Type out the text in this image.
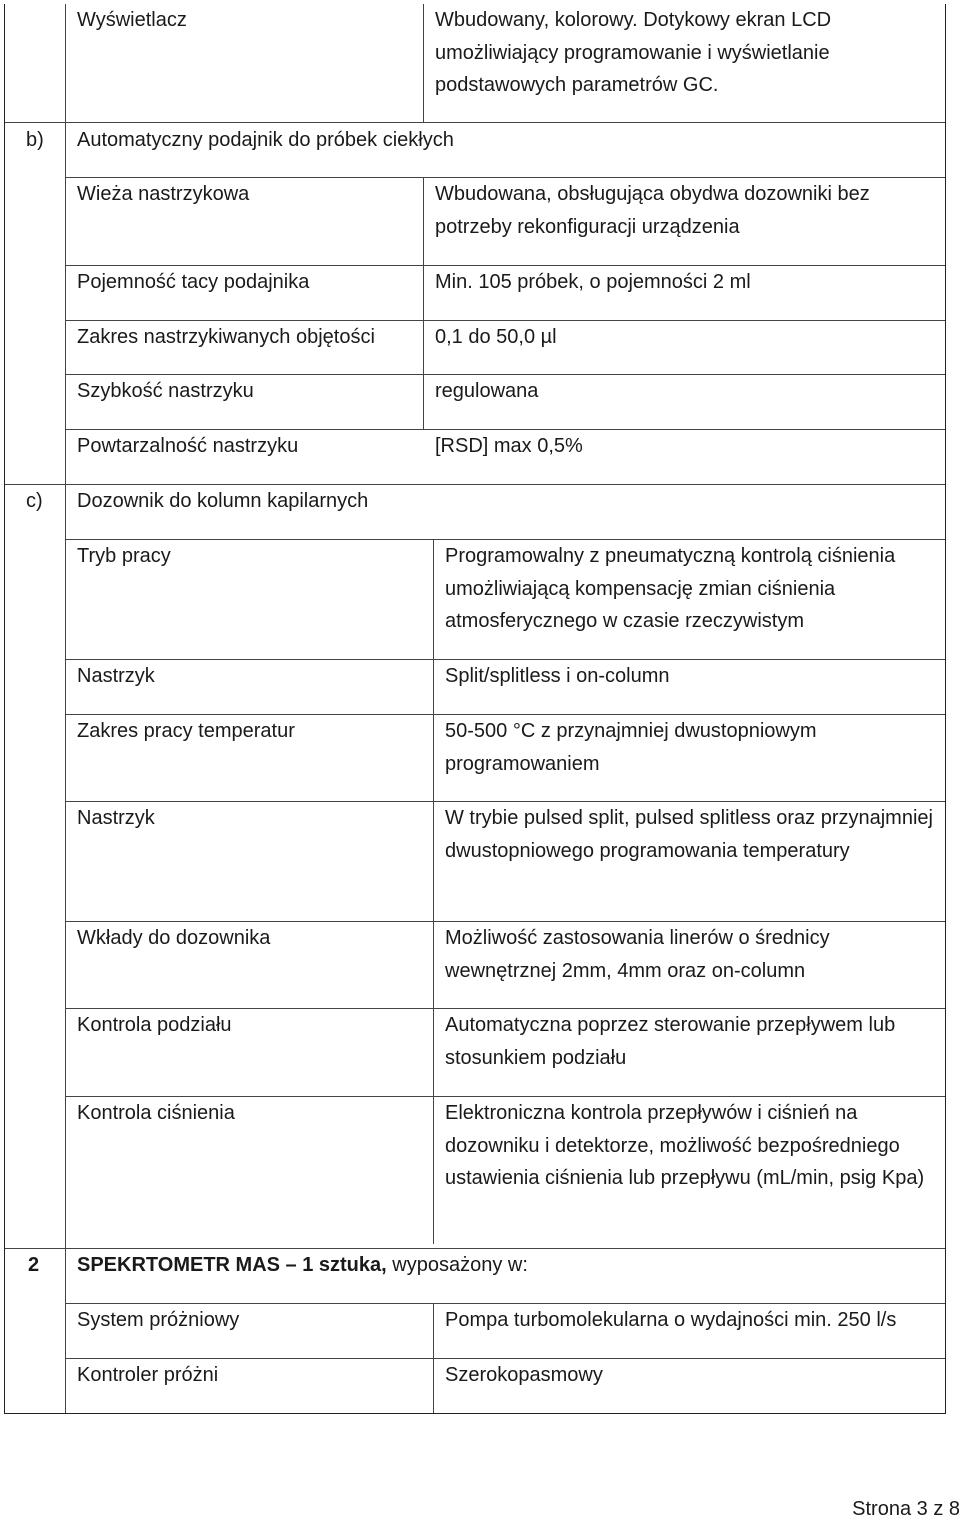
Wyświetlacz	Wbudowany, kolorowy. Dotykowy ekran LCD umożliwiający programowanie i wyświetlanie podstawowych parametrów GC.
b) Automatyczny podajnik do próbek ciekłych
Wieża nastrzykowa	Wbudowana, obsługująca obydwa dozowniki bez potrzeby rekonfiguracji urządzenia
Pojemność tacy podajnika	Min. 105 próbek, o pojemności 2 ml
Zakres nastrzykiwanych objętości	0,1 do 50,0 µl
Szybkość nastrzyku	regulowana
Powtarzalność nastrzyku	[RSD] max 0,5%
c) Dozownik do kolumn kapilarnych
Tryb pracy	Programowalny z pneumatyczną kontrolą ciśnienia umożliwiającą kompensację zmian ciśnienia atmosferycznego w czasie rzeczywistym
Nastrzyk	Split/splitless i on-column
Zakres pracy temperatur	50-500 °C z przynajmniej dwustopniowym programowaniem
Nastrzyk	W trybie pulsed split, pulsed splitless oraz przynajmniej dwustopniowego programowania temperatury
Wkłady do dozownika	Możliwość zastosowania linerów o średnicy wewnętrznej 2mm, 4mm oraz on-column
Kontrola podziału	Automatyczna poprzez sterowanie przepływem lub stosunkiem podziału
Kontrola ciśnienia	Elektroniczna kontrola przepływów i ciśnień na dozowniku i detektorze, możliwość bezpośredniego ustawienia ciśnienia lub przepływu (mL/min, psig Kpa)
2 SPEKRTOMETR MAS – 1 sztuka, wyposażony w:
System próżniowy	Pompa turbomolekularna o wydajności min. 250 l/s
Kontroler próżni	Szerokopasmowy
Strona 3 z 8
